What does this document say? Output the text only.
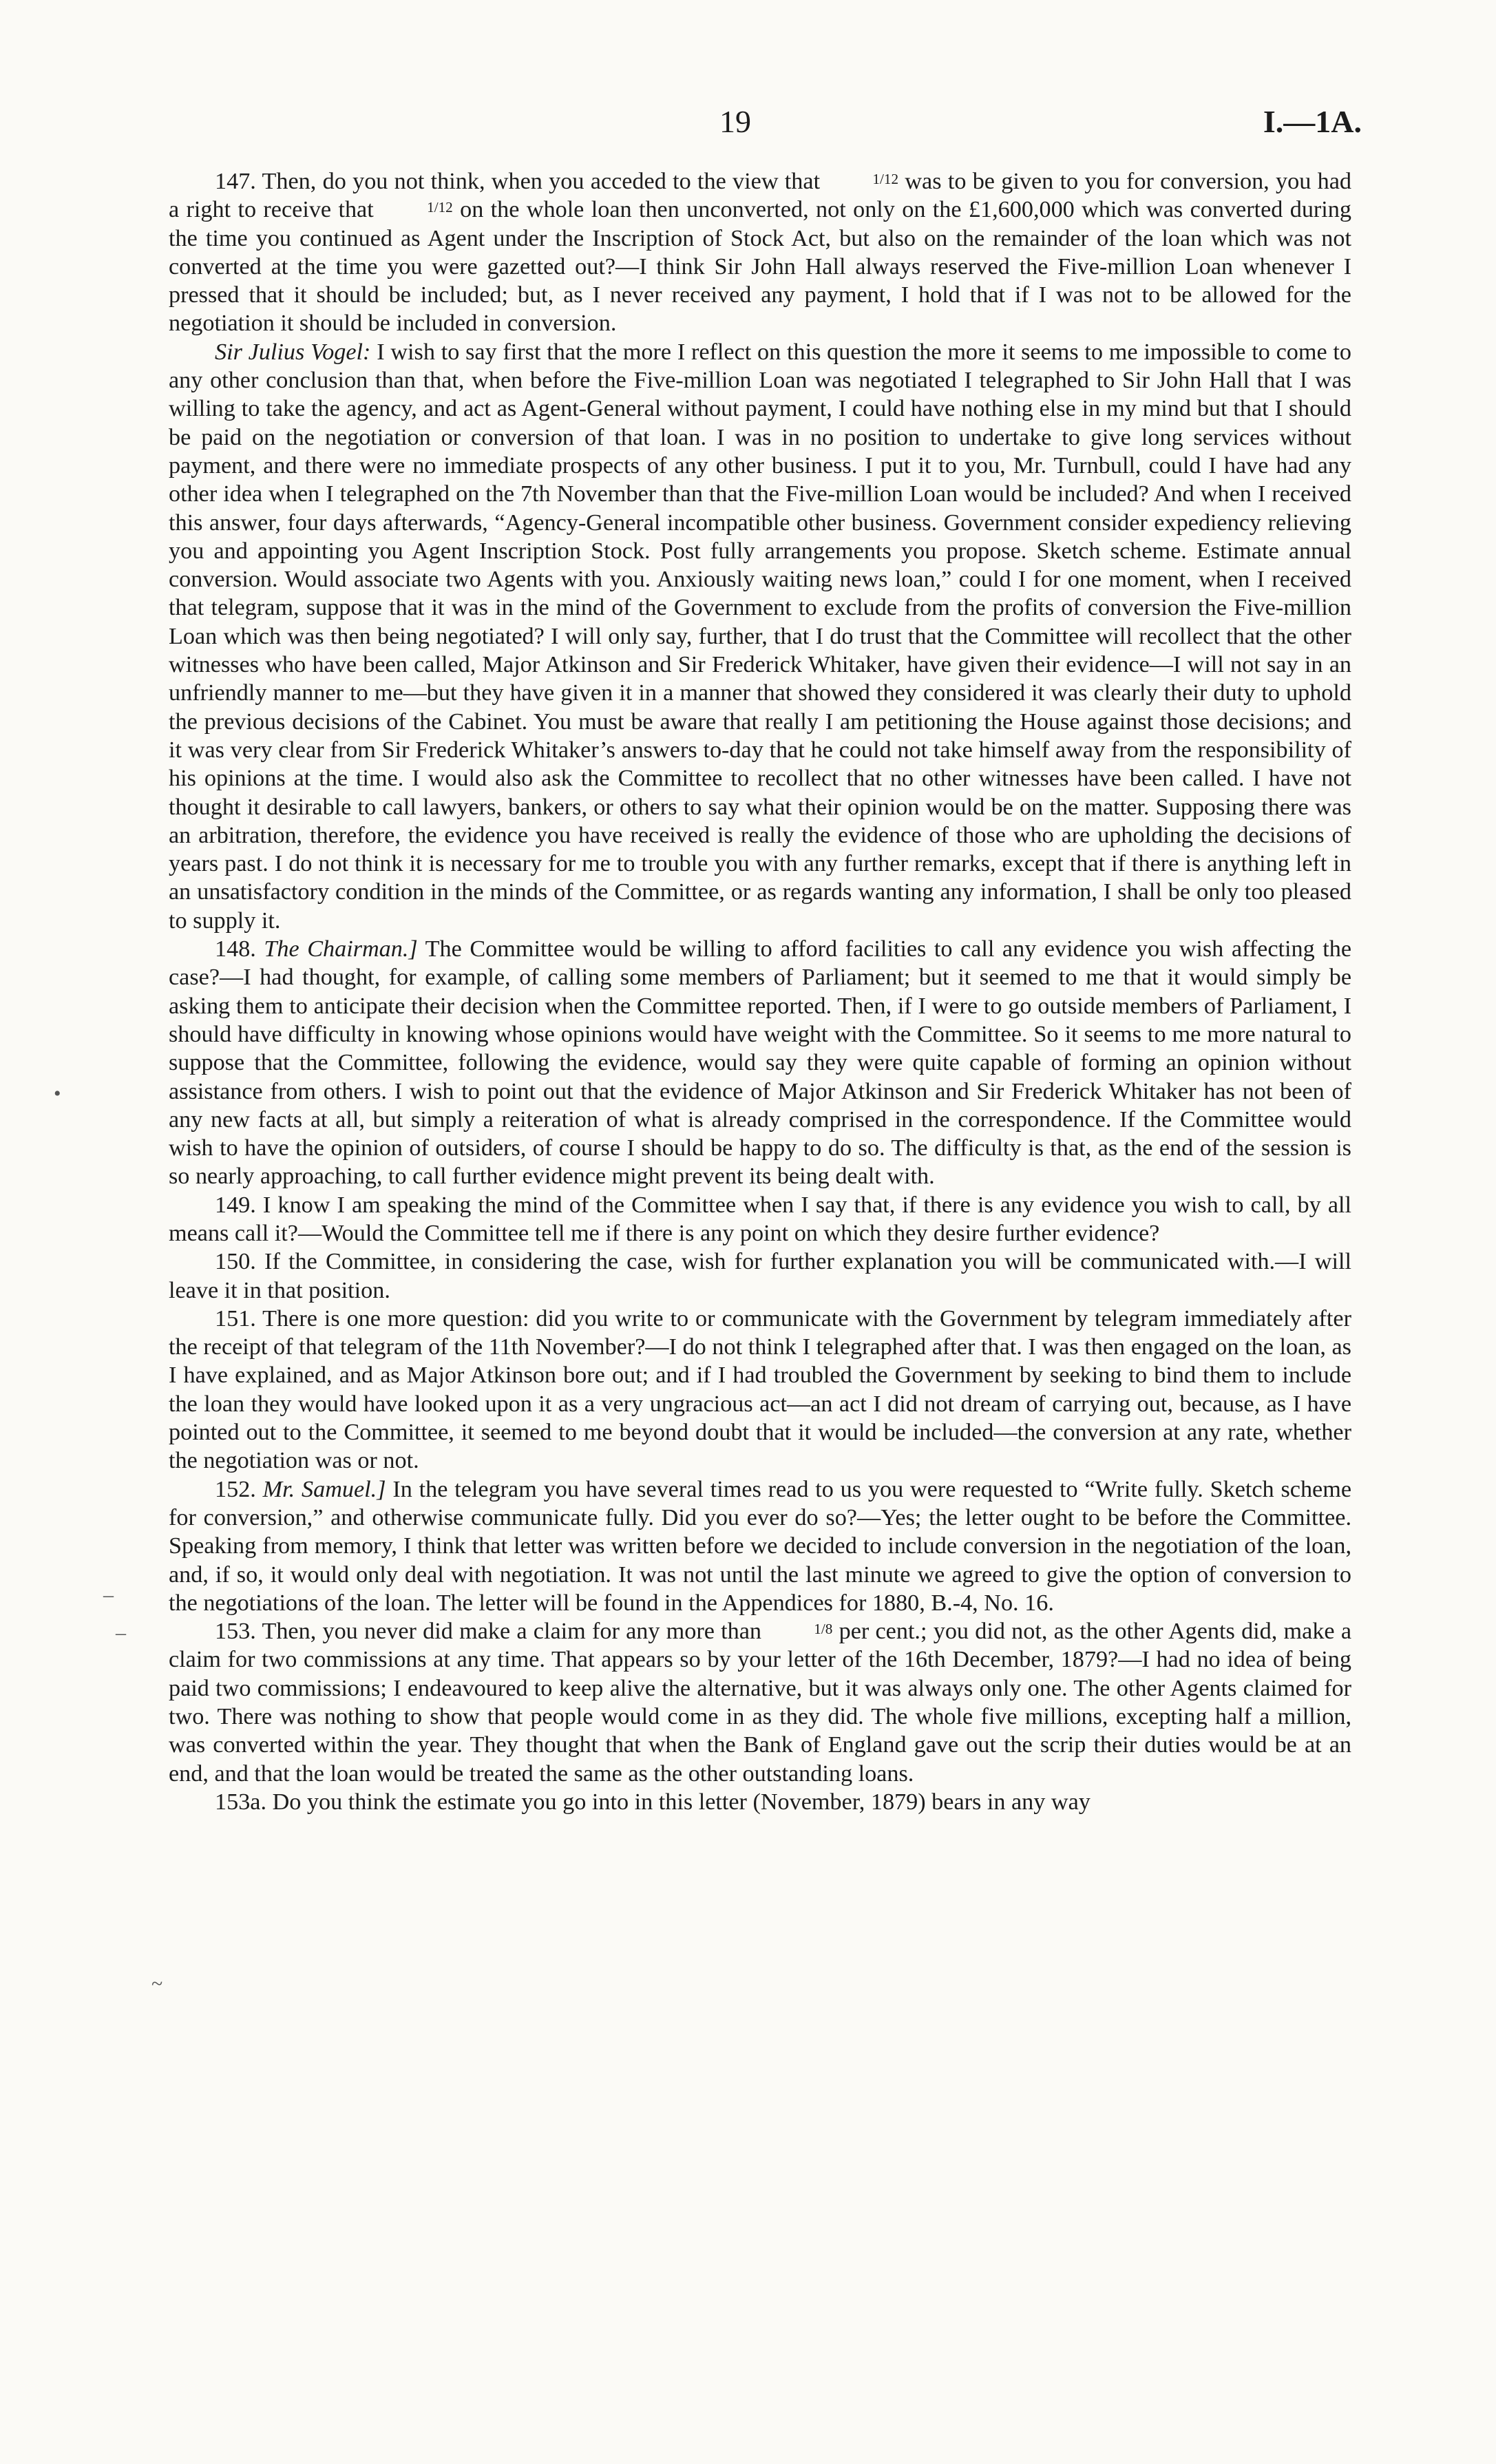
19	I.—1A.

147. Then, do you not think, when you acceded to the view that	1/12 was to be given to you for conversion, you had a right to receive that	1/12 on the whole loan then unconverted, not only on the £1,600,000 which was converted during the time you continued as Agent under the Inscription of Stock Act, but also on the remainder of the loan which was not converted at the time you were gazetted out?—I think Sir John Hall always reserved the Five-million Loan whenever I pressed that it should be included; but, as I never received any payment, I hold that if I was not to be allowed for the negotiation it should be included in conversion.

Sir Julius Vogel: I wish to say first that the more I reflect on this question the more it seems to me impossible to come to any other conclusion than that, when before the Five-million Loan was negotiated I telegraphed to Sir John Hall that I was willing to take the agency, and act as Agent-General without payment, I could have nothing else in my mind but that I should be paid on the negotiation or conversion of that loan. I was in no position to undertake to give long services without payment, and there were no immediate prospects of any other business. I put it to you, Mr. Turnbull, could I have had any other idea when I telegraphed on the 7th November than that the Five-million Loan would be included? And when I received this answer, four days afterwards, “Agency-General incompatible other business. Government consider expediency relieving you and appointing you Agent Inscription Stock. Post fully arrangements you propose. Sketch scheme. Estimate annual conversion. Would associate two Agents with you. Anxiously waiting news loan,” could I for one moment, when I received that telegram, suppose that it was in the mind of the Government to exclude from the profits of conversion the Five-million Loan which was then being negotiated? I will only say, further, that I do trust that the Committee will recollect that the other witnesses who have been called, Major Atkinson and Sir Frederick Whitaker, have given their evidence—I will not say in an unfriendly manner to me—but they have given it in a manner that showed they considered it was clearly their duty to uphold the previous decisions of the Cabinet. You must be aware that really I am petitioning the House against those decisions; and it was very clear from Sir Frederick Whitaker’s answers to-day that he could not take himself away from the responsibility of his opinions at the time. I would also ask the Committee to recollect that no other witnesses have been called. I have not thought it desirable to call lawyers, bankers, or others to say what their opinion would be on the matter. Supposing there was an arbitration, therefore, the evidence you have received is really the evidence of those who are upholding the decisions of years past. I do not think it is necessary for me to trouble you with any further remarks, except that if there is anything left in an unsatisfactory condition in the minds of the Committee, or as regards wanting any information, I shall be only too pleased to supply it.

148. The Chairman.] The Committee would be willing to afford facilities to call any evidence you wish affecting the case?—I had thought, for example, of calling some members of Parliament; but it seemed to me that it would simply be asking them to anticipate their decision when the Committee reported. Then, if I were to go outside members of Parliament, I should have difficulty in knowing whose opinions would have weight with the Committee. So it seems to me more natural to suppose that the Committee, following the evidence, would say they were quite capable of forming an opinion without assistance from others. I wish to point out that the evidence of Major Atkinson and Sir Frederick Whitaker has not been of any new facts at all, but simply a reiteration of what is already comprised in the correspondence. If the Committee would wish to have the opinion of outsiders, of course I should be happy to do so. The difficulty is that, as the end of the session is so nearly approaching, to call further evidence might prevent its being dealt with.

149. I know I am speaking the mind of the Committee when I say that, if there is any evidence you wish to call, by all means call it?—Would the Committee tell me if there is any point on which they desire further evidence?

150. If the Committee, in considering the case, wish for further explanation you will be communicated with.—I will leave it in that position.

151. There is one more question: did you write to or communicate with the Government by telegram immediately after the receipt of that telegram of the 11th November?—I do not think I telegraphed after that. I was then engaged on the loan, as I have explained, and as Major Atkinson bore out; and if I had troubled the Government by seeking to bind them to include the loan they would have looked upon it as a very ungracious act—an act I did not dream of carrying out, because, as I have pointed out to the Committee, it seemed to me beyond doubt that it would be included—the conversion at any rate, whether the negotiation was or not.

152. Mr. Samuel.] In the telegram you have several times read to us you were requested to “Write fully. Sketch scheme for conversion,” and otherwise communicate fully. Did you ever do so?—Yes; the letter ought to be before the Committee. Speaking from memory, I think that letter was written before we decided to include conversion in the negotiation of the loan, and, if so, it would only deal with negotiation. It was not until the last minute we agreed to give the option of conversion to the negotiations of the loan. The letter will be found in the Appendices for 1880, B.-4, No. 16.

153. Then, you never did make a claim for any more than	1/8 per cent.; you did not, as the other Agents did, make a claim for two commissions at any time. That appears so by your letter of the 16th December, 1879?—I had no idea of being paid two commissions; I endeavoured to keep alive the alternative, but it was always only one. The other Agents claimed for two. There was nothing to show that people would come in as they did. The whole five millions, excepting half a million, was converted within the year. They thought that when the Bank of England gave out the scrip their duties would be at an end, and that the loan would be treated the same as the other outstanding loans.

153a. Do you think the estimate you go into in this letter (November, 1879) bears in any way

•
–
–
~
